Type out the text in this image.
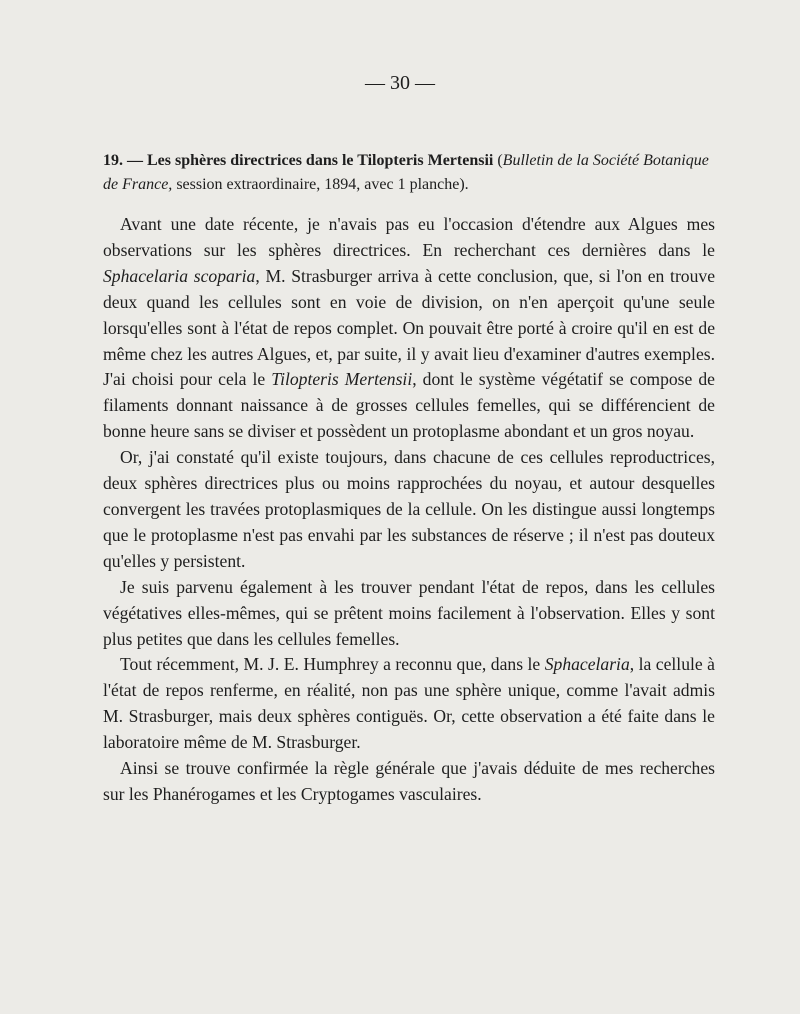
— 30 —

19. — Les sphères directrices dans le Tilopteris Mertensii (Bulletin de la Société Botanique de France, session extraordinaire, 1894, avec 1 planche).

Avant une date récente, je n'avais pas eu l'occasion d'étendre aux Algues mes observations sur les sphères directrices. En recherchant ces dernières dans le Sphacelaria scoparia, M. Strasburger arriva à cette conclusion, que, si l'on en trouve deux quand les cellules sont en voie de division, on n'en aperçoit qu'une seule lorsqu'elles sont à l'état de repos complet. On pouvait être porté à croire qu'il en est de même chez les autres Algues, et, par suite, il y avait lieu d'examiner d'autres exemples. J'ai choisi pour cela le Tilopteris Mertensii, dont le système végétatif se compose de filaments donnant naissance à de grosses cellules femelles, qui se différencient de bonne heure sans se diviser et possèdent un protoplasme abondant et un gros noyau.

Or, j'ai constaté qu'il existe toujours, dans chacune de ces cellules reproductrices, deux sphères directrices plus ou moins rapprochées du noyau, et autour desquelles convergent les travées protoplasmiques de la cellule. On les distingue aussi longtemps que le protoplasme n'est pas envahi par les substances de réserve ; il n'est pas douteux qu'elles y persistent.

Je suis parvenu également à les trouver pendant l'état de repos, dans les cellules végétatives elles-mêmes, qui se prêtent moins facilement à l'observation. Elles y sont plus petites que dans les cellules femelles.

Tout récemment, M. J. E. Humphrey a reconnu que, dans le Sphacelaria, la cellule à l'état de repos renferme, en réalité, non pas une sphère unique, comme l'avait admis M. Strasburger, mais deux sphères contiguës. Or, cette observation a été faite dans le laboratoire même de M. Strasburger.

Ainsi se trouve confirmée la règle générale que j'avais déduite de mes recherches sur les Phanérogames et les Cryptogames vasculaires.
